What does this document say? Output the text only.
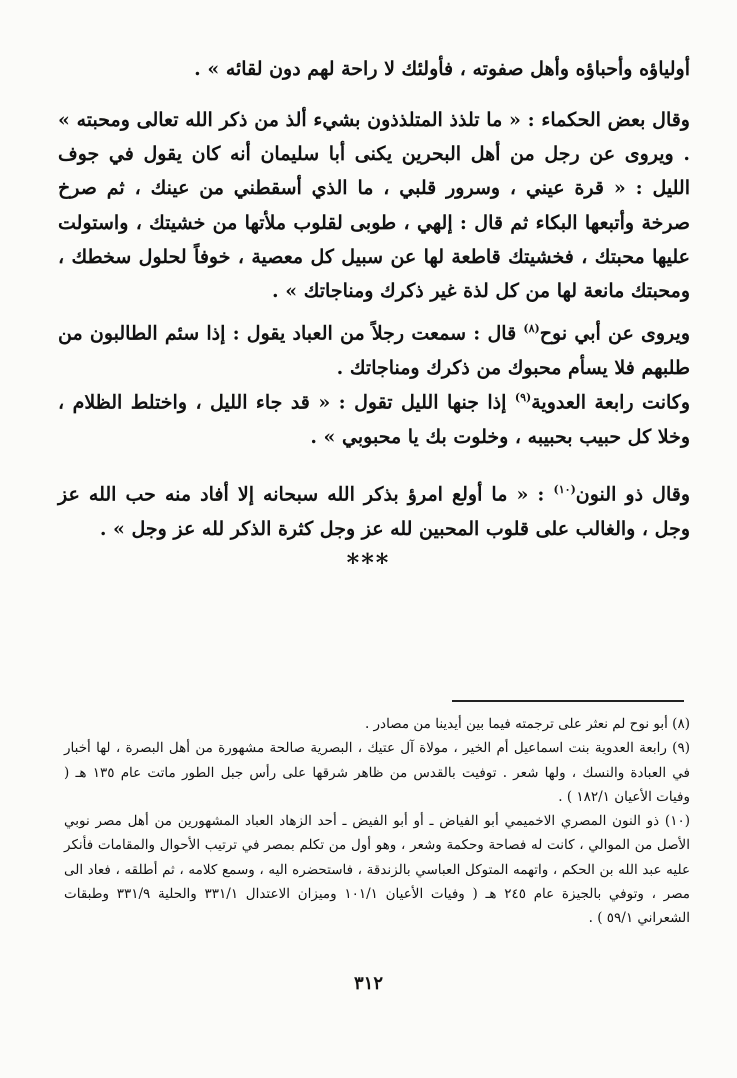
أولياؤه وأحباؤه وأهل صفوته ، فأولئك لا راحة لهم دون لقائه » .

وقال بعض الحكماء : « ما تلذذ المتلذذون بشيء ألذ من ذكر الله تعالى ومحبته » . ويروى عن رجل من أهل البحرين يكنى أبا سليمان أنه كان يقول في جوف الليل : « قرة عيني ، وسرور قلبي ، ما الذي أسقطني من عينك ، ثم صرخ صرخة وأتبعها البكاء ثم قال : إلهي ، طوبى لقلوب ملأتها من خشيتك ، واستولت عليها محبتك ، فخشيتك قاطعة لها عن سبيل كل معصية ، خوفاً لحلول سخطك ، ومحبتك مانعة لها من كل لذة غير ذكرك ومناجاتك » .

ويروى عن أبي نوح$^{(٨)}$ قال : سمعت رجلاً من العباد يقول : إذا سئم الطالبون من طلبهم فلا يسأم محبوك من ذكرك ومناجاتك .

وكانت رابعة العدوية$^{(٩)}$ إذا جنها الليل تقول : « قد جاء الليل ، واختلط الظلام ، وخلا كل حبيب بحبيبه ، وخلوت بك يا محبوبي » .

وقال ذو النون$^{(١٠)}$ : « ما أولع امرؤ بذكر الله سبحانه إلا أفاد منه حب الله عز وجل ، والغالب على قلوب المحبين لله عز وجل كثرة الذكر لله عز وجل » .

***

(٨) أبو نوح لم نعثر على ترجمته فيما بين أيدينا من مصادر .

(٩) رابعة العدوية بنت اسماعيل أم الخير ، مولاة آل عتيك ، البصرية صالحة مشهورة من أهل البصرة ، لها أخبار في العبادة والنسك ، ولها شعر . توفيت بالقدس من ظاهر شرقها على رأس جبل الطور ماتت عام ١٣٥ هـ ( وفيات الأعيان ١٨٢/١ ) .

(١٠) ذو النون المصري الاخميمي أبو الفياض ـ أو أبو الفيض ـ أحد الزهاد العباد المشهورين من أهل مصر نوبي الأصل من الموالي ، كانت له فصاحة وحكمة وشعر ، وهو أول من تكلم بمصر في ترتيب الأحوال والمقامات فأنكر عليه عبد الله بن الحكم ، واتهمه المتوكل العباسي بالزندقة ، فاستحضره اليه ، وسمع كلامه ، ثم أطلقه ، فعاد الى مصر ، وتوفي بالجيزة عام ٢٤٥ هـ ( وفيات الأعيان ١٠١/١ وميزان الاعتدال ٣٣١/١ والحلية ٣٣١/٩ وطبقات الشعراني ٥٩/١ ) .

٣١٢
